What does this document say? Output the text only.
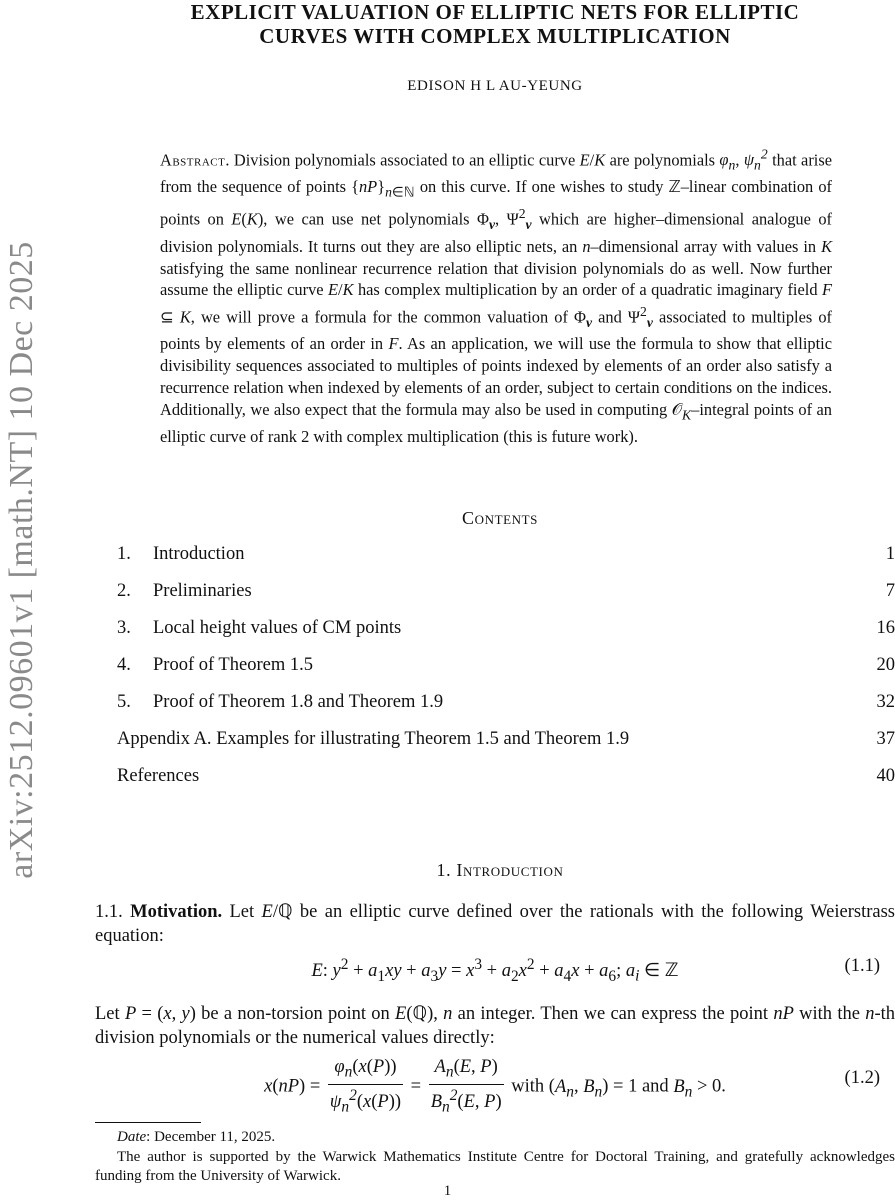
arXiv:2512.09601v1 [math.NT] 10 Dec 2025
EXPLICIT VALUATION OF ELLIPTIC NETS FOR ELLIPTIC
CURVES WITH COMPLEX MULTIPLICATION
EDISON H L AU-YEUNG
Abstract. Division polynomials associated to an elliptic curve E/K are polynomials $\varphi_n$, $\psi_n^2$ that arise from the sequence of points $\{nP\}_{n\in ℕ}$ on this curve. If one wishes to study ℤ–linear combination of points on E(K), we can use net polynomials $\Phi_v$, $\Psi^2_v$ which are higher–dimensional analogue of division polynomials. It turns out they are also elliptic nets, an n–dimensional array with values in K satisfying the same nonlinear recurrence relation that division polynomials do as well. Now further assume the elliptic curve E/K has complex multiplication by an order of a quadratic imaginary field F ⊆ K, we will prove a formula for the common valuation of $\Phi_v$ and $\Psi^2_v$ associated to multiples of points by elements of an order in F. As an application, we will use the formula to show that elliptic divisibility sequences associated to multiples of points indexed by elements of an order also satisfy a recurrence relation when indexed by elements of an order, subject to certain conditions on the indices. Additionally, we also expect that the formula may also be used in computing 𝒪$_K$–integral points of an elliptic curve of rank 2 with complex multiplication (this is future work).
Contents
1. Introduction	1
2. Preliminaries	7
3. Local height values of CM points	16
4. Proof of Theorem 1.5	20
5. Proof of Theorem 1.8 and Theorem 1.9	32
Appendix A. Examples for illustrating Theorem 1.5 and Theorem 1.9	37
References	40
1. Introduction
1.1. Motivation. Let E/ℚ be an elliptic curve defined over the rationals with the following Weierstrass equation:
E: $y^2 + a_1xy + a_3y = x^3 + a_2x^2 + a_4x + a_6$; $a_i$ ∈ ℤ	(1.1)
Let P = (x, y) be a non-torsion point on E(ℚ), n an integer. Then we can express the point nP with the n-th division polynomials or the numerical values directly:
$x(nP) = \frac{\varphi_n(x(P))}{\psi_n^2(x(P))} = \frac{A_n(E, P)}{B_n^2(E, P)}$ with ($A_n$, $B_n) = 1$ and $B_n > 0$.	(1.2)
Date: December 11, 2025.
The author is supported by the Warwick Mathematics Institute Centre for Doctoral Training, and gratefully acknowledges funding from the University of Warwick.
1
